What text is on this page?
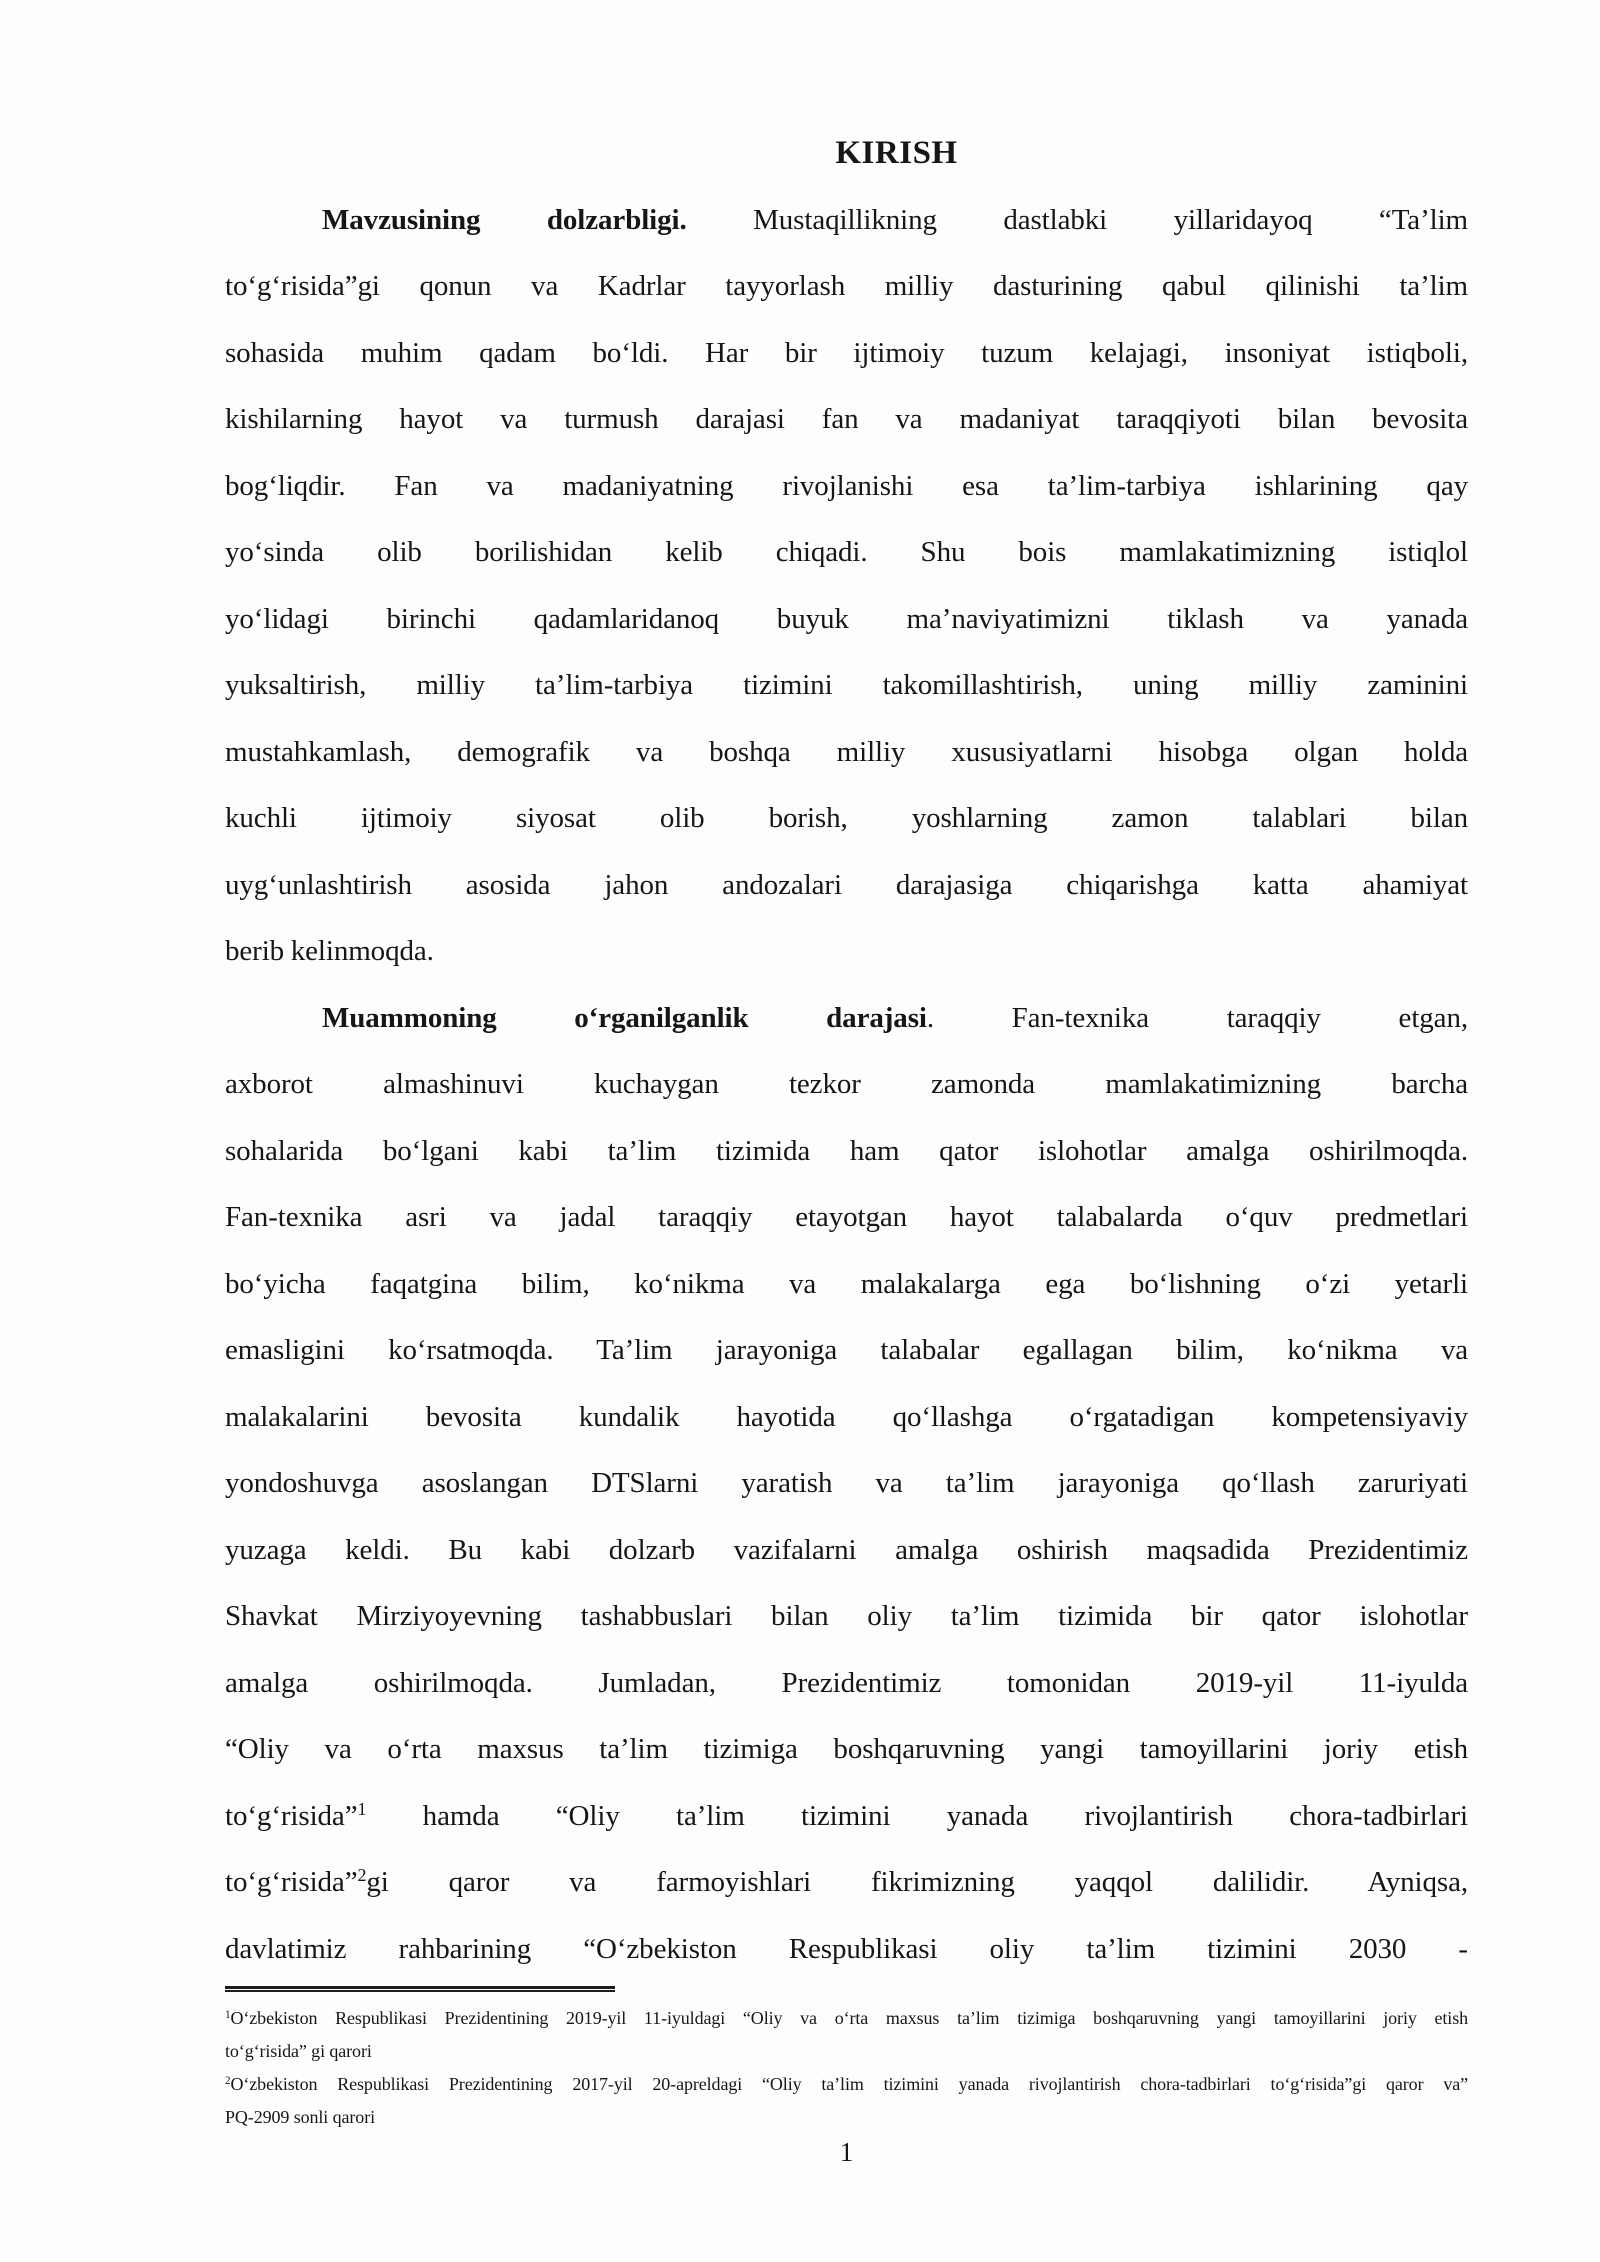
KIRISH
Mavzusining dolzarbligi. Mustaqillikning dastlabki yillaridayoq “Ta’lim
to‘g‘risida”gi qonun va Kadrlar tayyorlash milliy dasturining qabul qilinishi ta’lim
sohasida muhim qadam bo‘ldi. Har bir ijtimoiy tuzum kelajagi, insoniyat istiqboli,
kishilarning hayot va turmush darajasi fan va madaniyat taraqqiyoti bilan bevosita
bog‘liqdir. Fan va madaniyatning rivojlanishi esa ta’lim-tarbiya ishlarining qay
yo‘sinda olib borilishidan kelib chiqadi. Shu bois mamlakatimizning istiqlol
yo‘lidagi birinchi qadamlaridanoq buyuk ma’naviyatimizni tiklash va yanada
yuksaltirish, milliy ta’lim-tarbiya tizimini takomillashtirish, uning milliy zaminini
mustahkamlash, demografik va boshqa milliy xususiyatlarni hisobga olgan holda
kuchli ijtimoiy siyosat olib borish, yoshlarning zamon talablari bilan
uyg‘unlashtirish asosida jahon andozalari darajasiga chiqarishga katta ahamiyat
berib kelinmoqda.
Muammoning o‘rganilganlik darajasi. Fan-texnika taraqqiy etgan,
axborot almashinuvi kuchaygan tezkor zamonda mamlakatimizning barcha
sohalarida bo‘lgani kabi ta’lim tizimida ham qator islohotlar amalga oshirilmoqda.
Fan-texnika asri va jadal taraqqiy etayotgan hayot talabalarda o‘quv predmetlari
bo‘yicha faqatgina bilim, ko‘nikma va malakalarga ega bo‘lishning o‘zi yetarli
emasligini ko‘rsatmoqda. Ta’lim jarayoniga talabalar egallagan bilim, ko‘nikma va
malakalarini bevosita kundalik hayotida qo‘llashga o‘rgatadigan kompetensiyaviy
yondoshuvga asoslangan DTSlarni yaratish va ta’lim jarayoniga qo‘llash zaruriyati
yuzaga keldi. Bu kabi dolzarb vazifalarni amalga oshirish maqsadida Prezidentimiz
Shavkat Mirziyoyevning tashabbuslari bilan oliy ta’lim tizimida bir qator islohotlar
amalga oshirilmoqda. Jumladan, Prezidentimiz tomonidan 2019-yil 11-iyulda
“Oliy va o‘rta maxsus ta’lim tizimiga boshqaruvning yangi tamoyillarini joriy etish
to‘g‘risida”$^1$ hamda “Oliy ta’lim tizimini yanada rivojlantirish chora-tadbirlari
to‘g‘risida”$^2$gi qaror va farmoyishlari fikrimizning yaqqol dalilidir. Ayniqsa,
davlatimiz rahbarining “O‘zbekiston Respublikasi oliy ta’lim tizimini 2030 -
$^1$O‘zbekiston Respublikasi Prezidentining 2019-yil 11-iyuldagi “Oliy va o‘rta maxsus ta’lim tizimiga boshqaruvning yangi tamoyillarini joriy etish
to‘g‘risida” gi qarori
$^2$O‘zbekiston Respublikasi Prezidentining 2017-yil 20-apreldagi “Oliy ta’lim tizimini yanada rivojlantirish chora-tadbirlari to‘g‘risida”gi qaror va”
PQ-2909 sonli qarori
1
